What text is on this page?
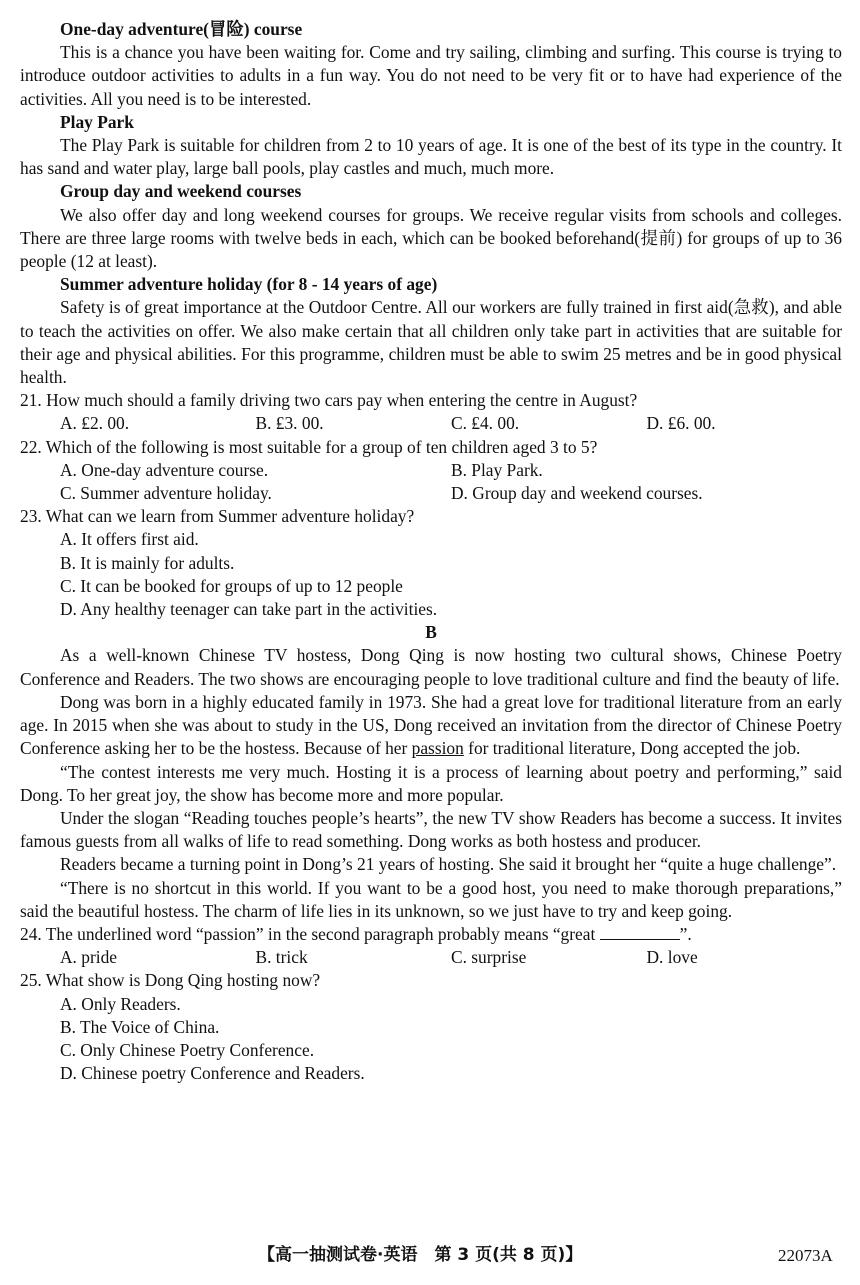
One-day adventure(冒险) course
This is a chance you have been waiting for. Come and try sailing, climbing and surfing. This course is trying to introduce outdoor activities to adults in a fun way. You do not need to be very fit or to have had experience of the activities. All you need is to be interested.
Play Park
The Play Park is suitable for children from 2 to 10 years of age. It is one of the best of its type in the country. It has sand and water play, large ball pools, play castles and much, much more.
Group day and weekend courses
We also offer day and long weekend courses for groups. We receive regular visits from schools and colleges. There are three large rooms with twelve beds in each, which can be booked beforehand(提前) for groups of up to 36 people (12 at least).
Summer adventure holiday (for 8 - 14 years of age)
Safety is of great importance at the Outdoor Centre. All our workers are fully trained in first aid(急救), and able to teach the activities on offer. We also make certain that all children only take part in activities that are suitable for their age and physical abilities. For this programme, children must be able to swim 25 metres and be in good physical health.
21. How much should a family driving two cars pay when entering the centre in August?
A. ₤2. 00.	B. ₤3. 00.	C. ₤4. 00.	D. ₤6. 00.
22. Which of the following is most suitable for a group of ten children aged 3 to 5?
A. One-day adventure course.	B. Play Park.
C. Summer adventure holiday.	D. Group day and weekend courses.
23. What can we learn from Summer adventure holiday?
A. It offers first aid.
B. It is mainly for adults.
C. It can be booked for groups of up to 12 people
D. Any healthy teenager can take part in the activities.
B
As a well-known Chinese TV hostess, Dong Qing is now hosting two cultural shows, Chinese Poetry Conference and Readers. The two shows are encouraging people to love traditional culture and find the beauty of life.
Dong was born in a highly educated family in 1973. She had a great love for traditional literature from an early age. In 2015 when she was about to study in the US, Dong received an invitation from the director of Chinese Poetry Conference asking her to be the hostess. Because of her passion for traditional literature, Dong accepted the job.
“The contest interests me very much. Hosting it is a process of learning about poetry and performing,” said Dong. To her great joy, the show has become more and more popular.
Under the slogan “Reading touches people’s hearts”, the new TV show Readers has become a success. It invites famous guests from all walks of life to read something. Dong works as both hostess and producer.
Readers became a turning point in Dong’s 21 years of hosting. She said it brought her “quite a huge challenge”.
“There is no shortcut in this world. If you want to be a good host, you need to make thorough preparations,” said the beautiful hostess. The charm of life lies in its unknown, so we just have to try and keep going.
24. The underlined word “passion” in the second paragraph probably means “great	”.
A. pride	B. trick	C. surprise	D. love
25. What show is Dong Qing hosting now?
A. Only Readers.
B. The Voice of China.
C. Only Chinese Poetry Conference.
D. Chinese poetry Conference and Readers.
【高一抽测试卷·英语　第 3 页(共 8 页)】	22073A
